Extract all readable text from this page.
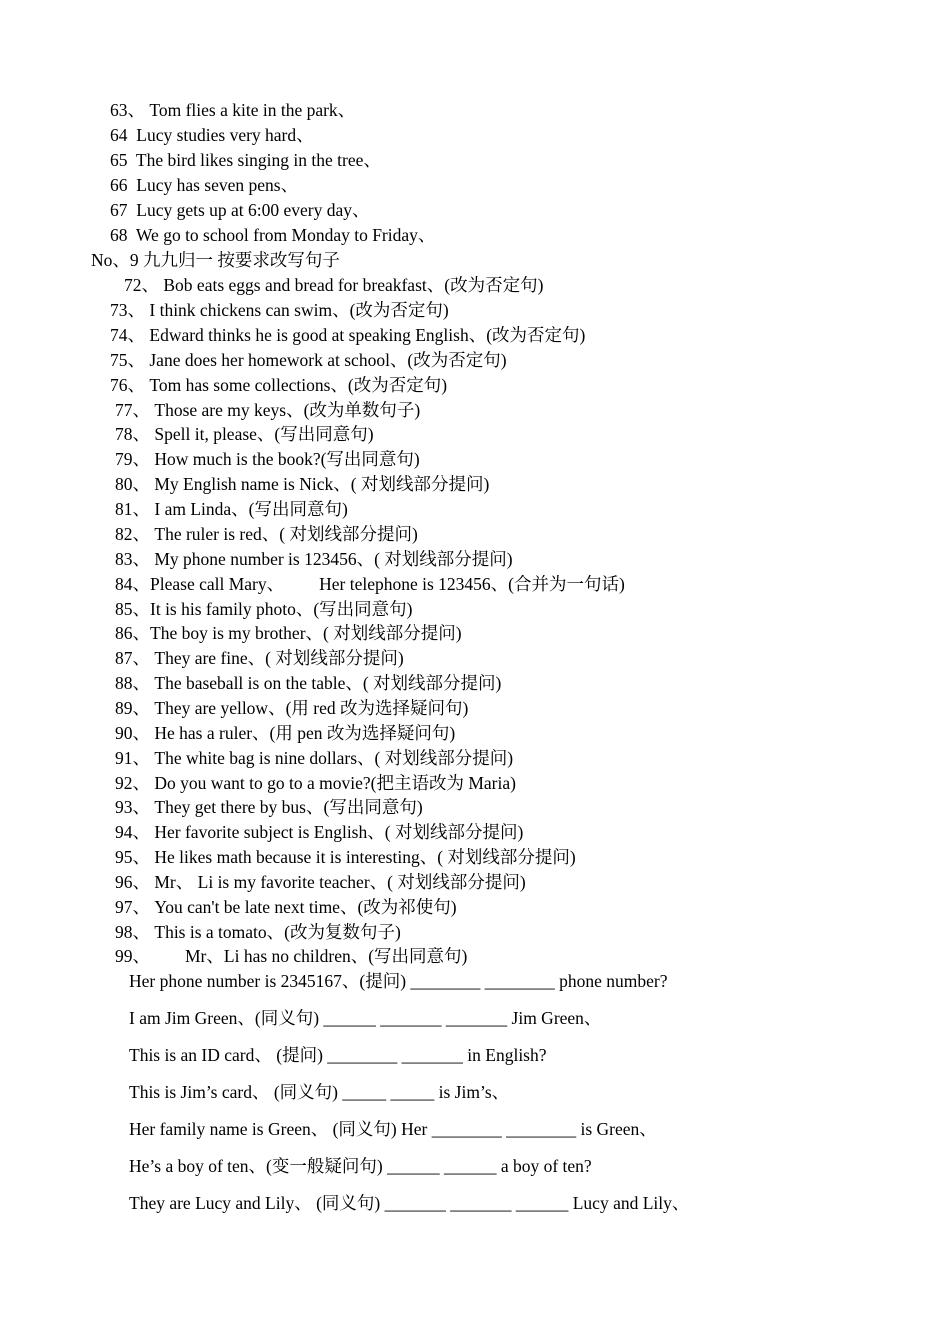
63、 Tom flies a kite in the park、
64  Lucy studies very hard、
65  The bird likes singing in the tree、
66  Lucy has seven pens、
67  Lucy gets up at 6:00 every day、
68  We go to school from Monday to Friday、
No、9 九九归一 按要求改写句子
72、 Bob eats eggs and bread for breakfast、(改为否定句)
73、 I think chickens can swim、(改为否定句)
74、 Edward thinks he is good at speaking English、(改为否定句)
75、 Jane does her homework at school、(改为否定句)
76、 Tom has some collections、(改为否定句)
77、 Those are my keys、(改为单数句子)
78、 Spell it, please、(写出同意句)
79、 How much is the book?(写出同意句)
80、 My English name is Nick、( 对划线部分提问)
81、 I am Linda、(写出同意句)
82、 The ruler is red、( 对划线部分提问)
83、 My phone number is 123456、( 对划线部分提问)
84、Please call Mary、        Her telephone is 123456、(合并为一句话)
85、It is his family photo、(写出同意句)
86、The boy is my brother、( 对划线部分提问)
87、 They are fine、( 对划线部分提问)
88、 The baseball is on the table、( 对划线部分提问)
89、 They are yellow、(用 red 改为选择疑问句)
90、 He has a ruler、(用 pen 改为选择疑问句)
91、 The white bag is nine dollars、( 对划线部分提问)
92、 Do you want to go to a movie?(把主语改为 Maria)
93、 They get there by bus、(写出同意句)
94、 Her favorite subject is English、( 对划线部分提问)
95、 He likes math because it is interesting、( 对划线部分提问)
96、 Mr、 Li is my favorite teacher、( 对划线部分提问)
97、 You can't be late next time、(改为祁使句)
98、 This is a tomato、(改为复数句子)
99、        Mr、Li has no children、(写出同意句)
Her phone number is 2345167、(提问) ________ ________ phone number?
I am Jim Green、(同义句) ______ _______ _______ Jim Green、
This is an ID card、 (提问) ________ _______ in English?
This is Jim’s card、 (同义句) _____ _____ is Jim’s、
Her family name is Green、 (同义句) Her ________ ________ is Green、
He’s a boy of ten、(变一般疑问句) ______ ______ a boy of ten?
They are Lucy and Lily、 (同义句) _______ _______ ______ Lucy and Lily、
